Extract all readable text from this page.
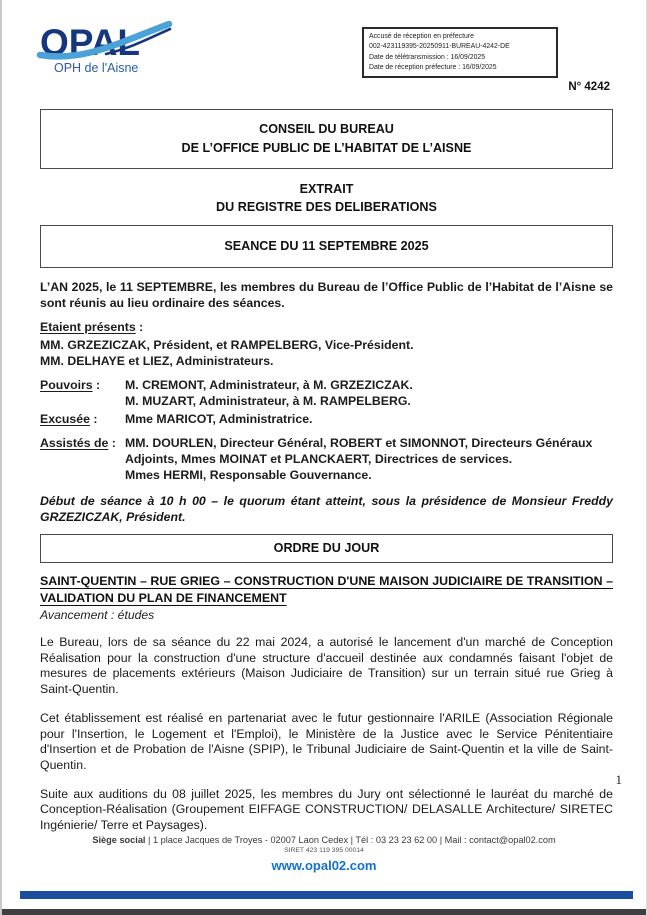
OPAL
OPH de l'Aisne
Accusé de réception en préfecture
002-423119395-20250911-BUREAU-4242-DE
Date de télétransmission : 16/09/2025
Date de réception préfecture : 16/09/2025
N° 4242
CONSEIL DU BUREAU
DE L’OFFICE PUBLIC DE L’HABITAT DE L’AISNE
EXTRAIT
DU REGISTRE DES DELIBERATIONS
SEANCE DU 11 SEPTEMBRE 2025

L’AN 2025, le 11 SEPTEMBRE, les membres du Bureau de l’Office Public de l’Habitat de l’Aisne se sont réunis au lieu ordinaire des séances.

Etaient présents :
MM. GRZEZICZAK, Président, et RAMPELBERG, Vice-Président.
MM. DELHAYE et LIEZ, Administrateurs.
Pouvoirs : M. CREMONT, Administrateur, à M. GRZEZICZAK.
M. MUZART, Administrateur, à M. RAMPELBERG.
Excusée : Mme MARICOT, Administratrice.
Assistés de : MM. DOURLEN, Directeur Général, ROBERT et SIMONNOT, Directeurs Généraux Adjoints, Mmes MOINAT et PLANCKAERT, Directrices de services.
Mmes HERMI, Responsable Gouvernance.

Début de séance à 10 h 00 – le quorum étant atteint, sous la présidence de Monsieur Freddy GRZEZICZAK, Président.

ORDRE DU JOUR
SAINT-QUENTIN – RUE GRIEG – CONSTRUCTION D'UNE MAISON JUDICIAIRE DE TRANSITION – VALIDATION DU PLAN DE FINANCEMENT
Avancement : études

Le Bureau, lors de sa séance du 22 mai 2024, a autorisé le lancement d'un marché de Conception Réalisation pour la construction d'une structure d'accueil destinée aux condamnés faisant l'objet de mesures de placements extérieurs (Maison Judiciaire de Transition) sur un terrain situé rue Grieg à Saint-Quentin.

Cet établissement est réalisé en partenariat avec le futur gestionnaire l'ARILE (Association Régionale pour l'Insertion, le Logement et l'Emploi), le Ministère de la Justice avec le Service Pénitentiaire d'Insertion et de Probation de l'Aisne (SPIP), le Tribunal Judiciaire de Saint-Quentin et la ville de Saint-Quentin.

Suite aux auditions du 08 juillet 2025, les membres du Jury ont sélectionné le lauréat du marché de Conception-Réalisation (Groupement EIFFAGE CONSTRUCTION/ DELASALLE Architecture/ SIRETEC Ingénierie/ Terre et Paysages).

1
Siège social | 1 place Jacques de Troyes - 02007 Laon Cedex | Tél : 03 23 23 62 00 | Mail : contact@opal02.com
SIRET 423 119 395 00014
www.opal02.com
